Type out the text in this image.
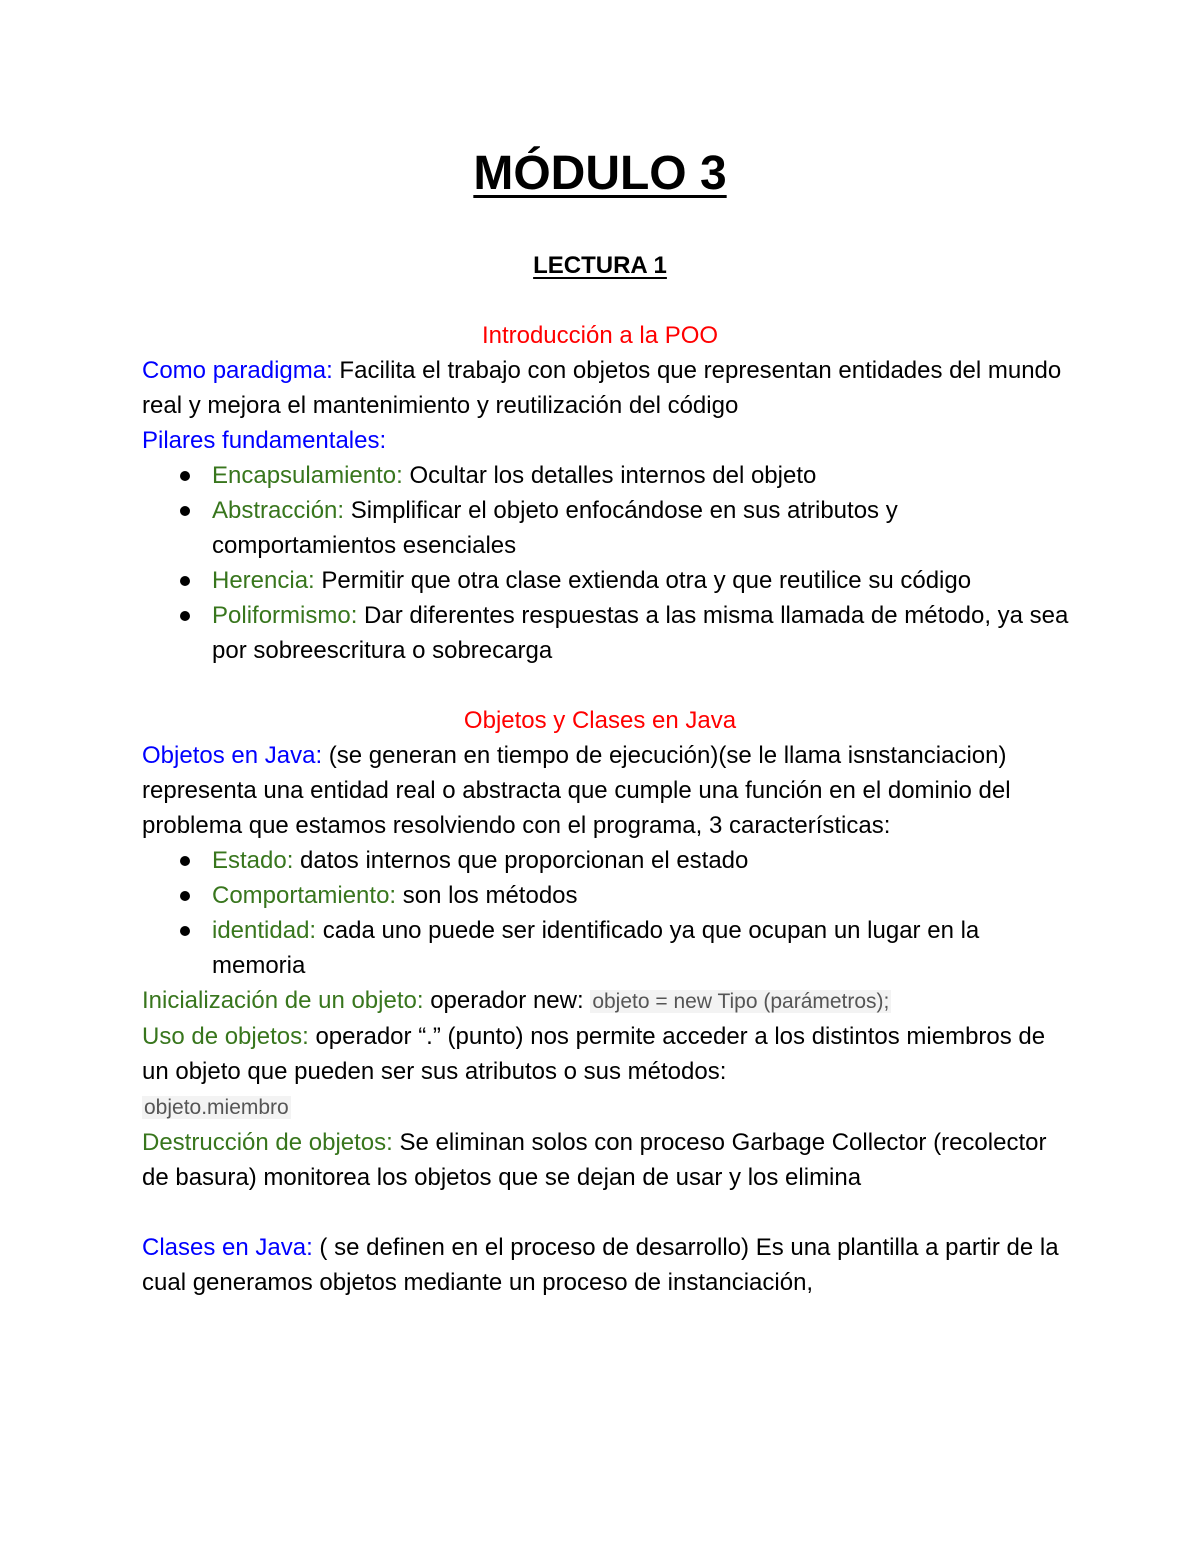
MÓDULO 3
LECTURA 1

Introducción a la POO

Como paradigma: Facilita el trabajo con objetos que representan entidades del mundo real y mejora el mantenimiento y reutilización del código

Pilares fundamentales:

Encapsulamiento: Ocultar los detalles internos del objeto
Abstracción: Simplificar el objeto enfocándose en sus atributos y comportamientos esenciales
Herencia: Permitir que otra clase extienda otra y que reutilice su código
Poliformismo: Dar diferentes respuestas a las misma llamada de método, ya sea por sobreescritura o sobrecarga

Objetos y Clases en Java

Objetos en Java: (se generan en tiempo de ejecución)(se le llama isnstanciacion) representa una entidad real o abstracta que cumple una función en el dominio del problema que estamos resolviendo con el programa, 3 características:

Estado: datos internos que proporcionan el estado
Comportamiento: son los métodos
identidad: cada uno puede ser identificado ya que ocupan un lugar en la memoria

Inicialización de un objeto: operador new: objeto = new Tipo (parámetros);

Uso de objetos: operador “.” (punto) nos permite acceder a los distintos miembros de un objeto que pueden ser sus atributos o sus métodos:
objeto.miembro

Destrucción de objetos: Se eliminan solos con proceso Garbage Collector (recolector de basura) monitorea los objetos que se dejan de usar y los elimina

Clases en Java: ( se definen en el proceso de desarrollo) Es una plantilla a partir de la cual generamos objetos mediante un proceso de instanciación,
